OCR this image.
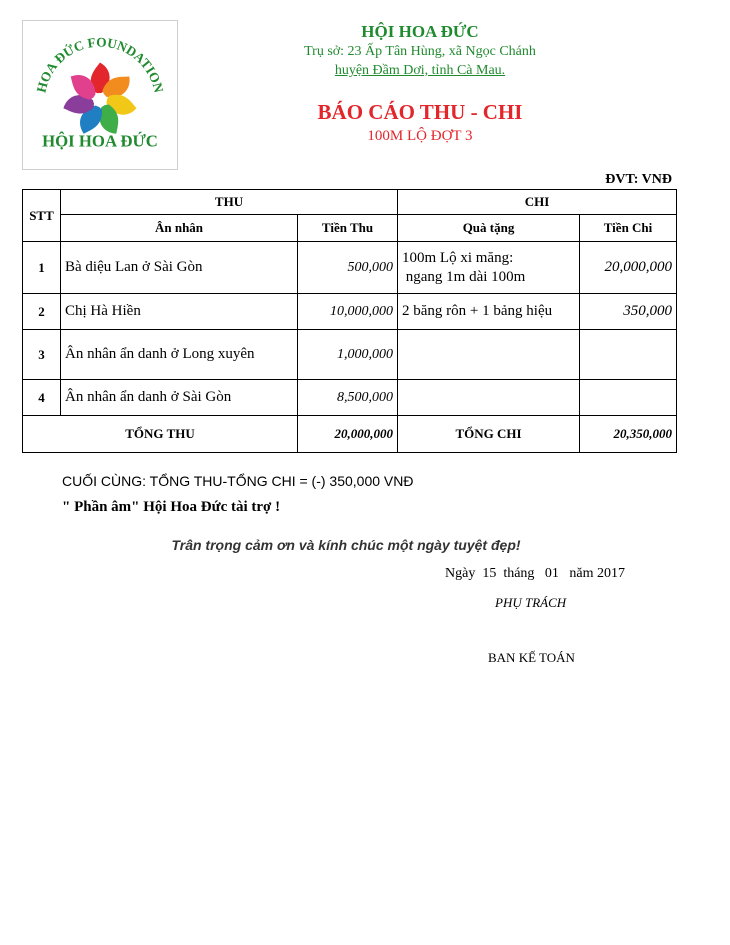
HOA ĐỨC FOUNDATION
HỘI HOA ĐỨC
HỘI HOA ĐỨC
Trụ sở: 23 Ấp Tân Hùng, xã Ngọc Chánh
huyện Đầm Dơi, tỉnh Cà Mau.
BÁO CÁO THU - CHI
100M LỘ ĐỢT 3
ĐVT: VNĐ
STT	THU		CHI	
	Ân nhân	Tiền Thu	Quà tặng	Tiền Chi
1	Bà diệu Lan ở Sài Gòn	500,000	100m Lộ xi măng:
ngang 1m dài 100m	20,000,000
2	Chị Hà Hiền	10,000,000	2 băng rôn + 1 bảng hiệu	350,000
3	Ân nhân ẩn danh ở Long xuyên	1,000,000		
4	Ân nhân ẩn danh ở Sài Gòn	8,500,000		
TỔNG THU		20,000,000	TỔNG CHI	20,350,000
CUỐI CÙNG: TỔNG THU-TỔNG CHI = (-) 350,000 VNĐ
" Phần âm" Hội Hoa Đức tài trợ !
Trân trọng cảm ơn và kính chúc một ngày tuyệt đẹp!
Ngày  15  tháng   01   năm 2017
PHỤ TRÁCH
BAN KẾ TOÁN
